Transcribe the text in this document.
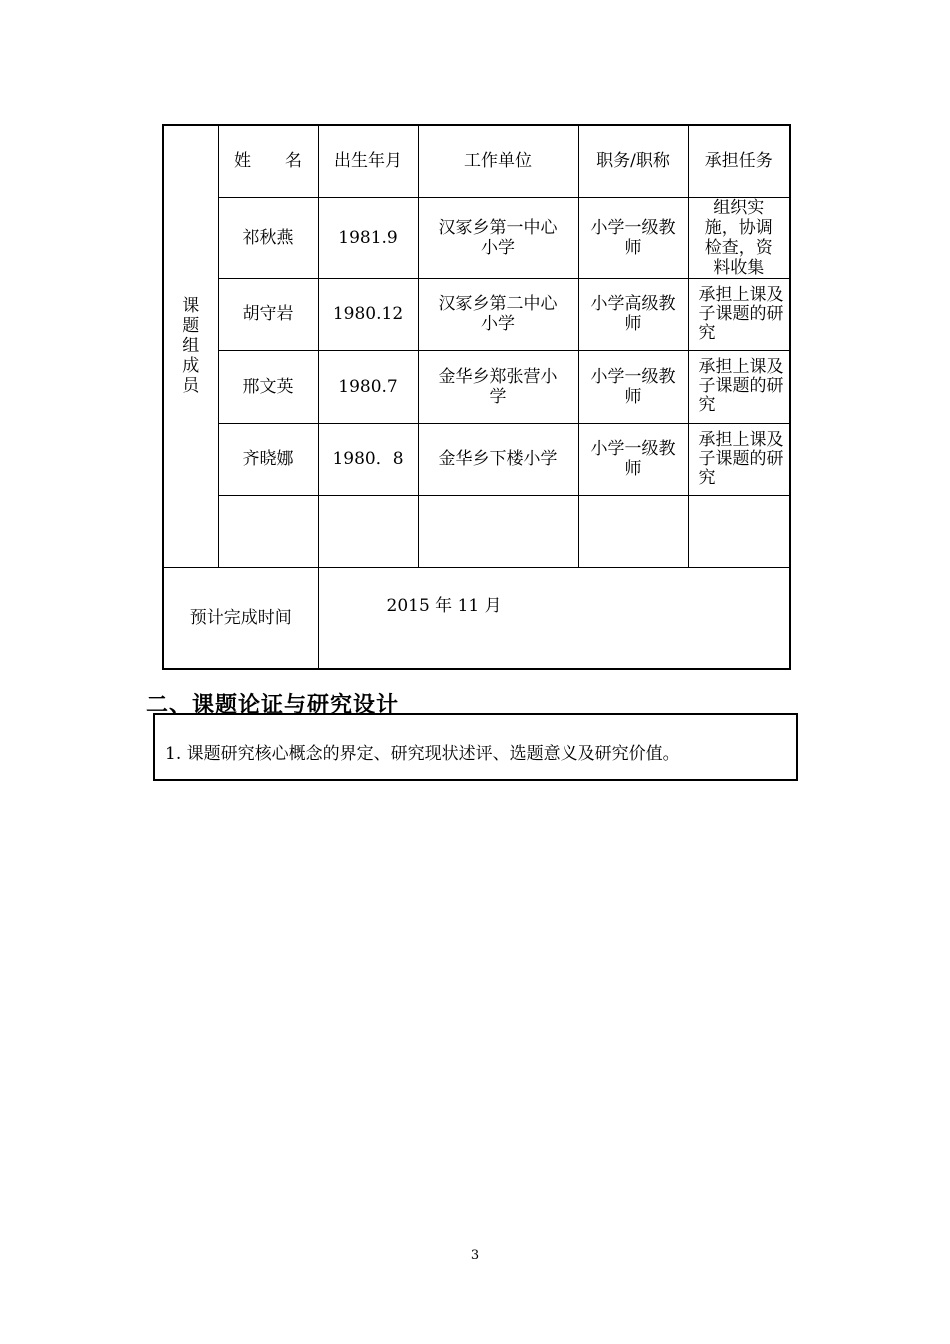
课
题
组
成
员	姓　　名	出生年月	工作单位	职务/职称	承担任务
	祁秋燕	1981.9	汉冢乡第一中心小学	小学一级教师	组织实施，协调检查，资料收集
	胡守岩	1980.12	汉冢乡第二中心小学	小学高级教师	承担上课及子课题的研究
	邢文英	1980.7	金华乡郑张营小学	小学一级教师	承担上课及子课题的研究
	齐晓娜	1980．8	金华乡下楼小学	小学一级教师	承担上课及子课题的研究

预计完成时间		2015 年 11 月			
二、课题论证与研究设计
1. 课题研究核心概念的界定、研究现状述评、选题意义及研究价值。
3
